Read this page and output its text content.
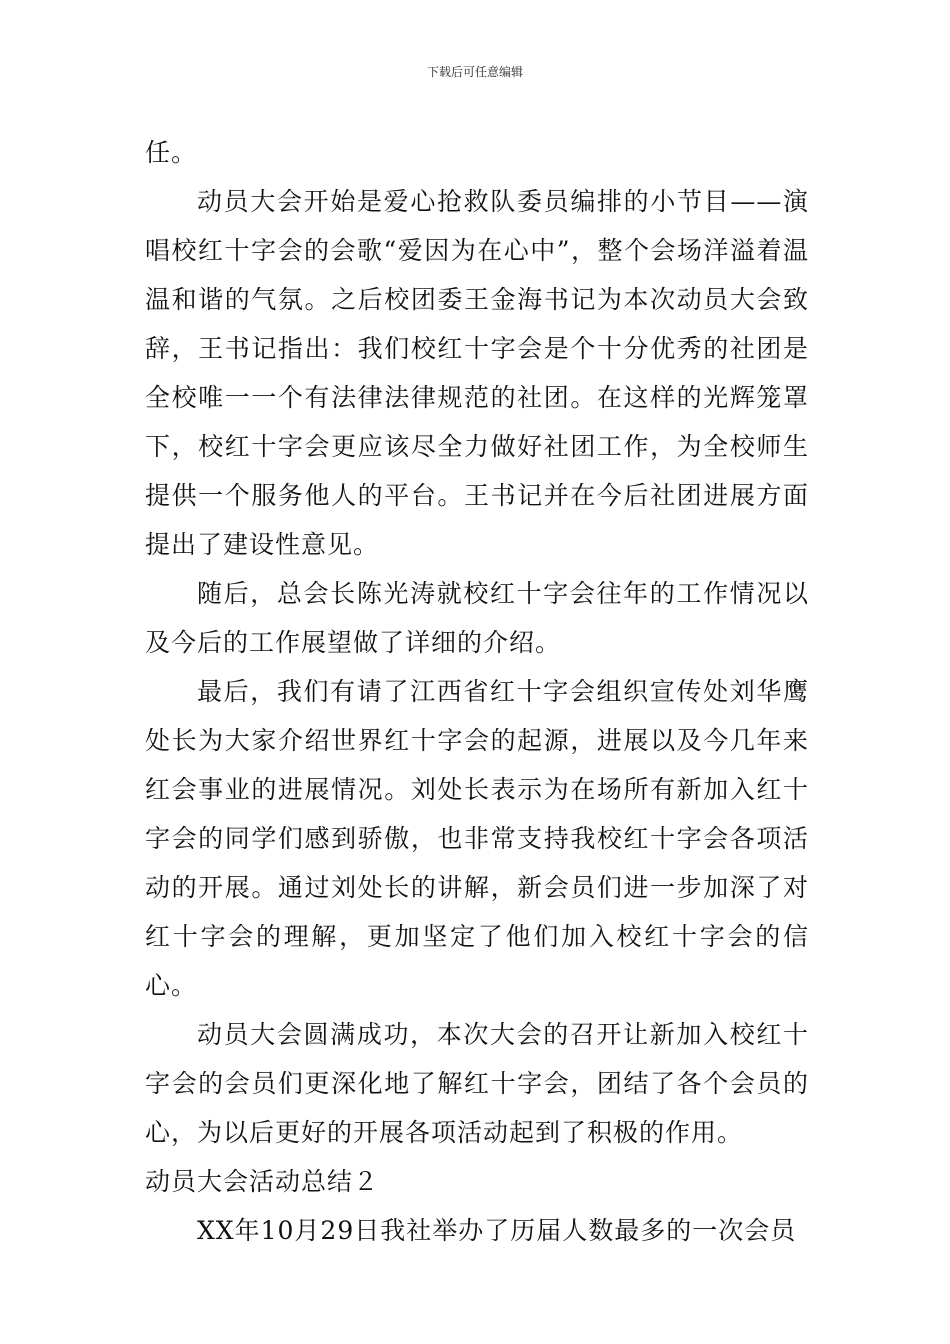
下载后可任意编辑

任。

动员大会开始是爱心抢救队委员编排的小节目——演唱校红十字会的会歌“爱因为在心中”，整个会场洋溢着温温和谐的气氛。之后校团委王金海书记为本次动员大会致辞，王书记指出：我们校红十字会是个十分优秀的社团是全校唯一一个有法律法律规范的社团。在这样的光辉笼罩下，校红十字会更应该尽全力做好社团工作，为全校师生提供一个服务他人的平台。王书记并在今后社团进展方面提出了建设性意见。

随后，总会长陈光涛就校红十字会往年的工作情况以及今后的工作展望做了详细的介绍。

最后，我们有请了江西省红十字会组织宣传处刘华鹰处长为大家介绍世界红十字会的起源，进展以及今几年来红会事业的进展情况。刘处长表示为在场所有新加入红十字会的同学们感到骄傲，也非常支持我校红十字会各项活动的开展。通过刘处长的讲解，新会员们进一步加深了对红十字会的理解，更加坚定了他们加入校红十字会的信心。

动员大会圆满成功，本次大会的召开让新加入校红十字会的会员们更深化地了解红十字会，团结了各个会员的心，为以后更好的开展各项活动起到了积极的作用。

动员大会活动总结２

XX年10月29日我社举办了历届人数最多的一次会员
